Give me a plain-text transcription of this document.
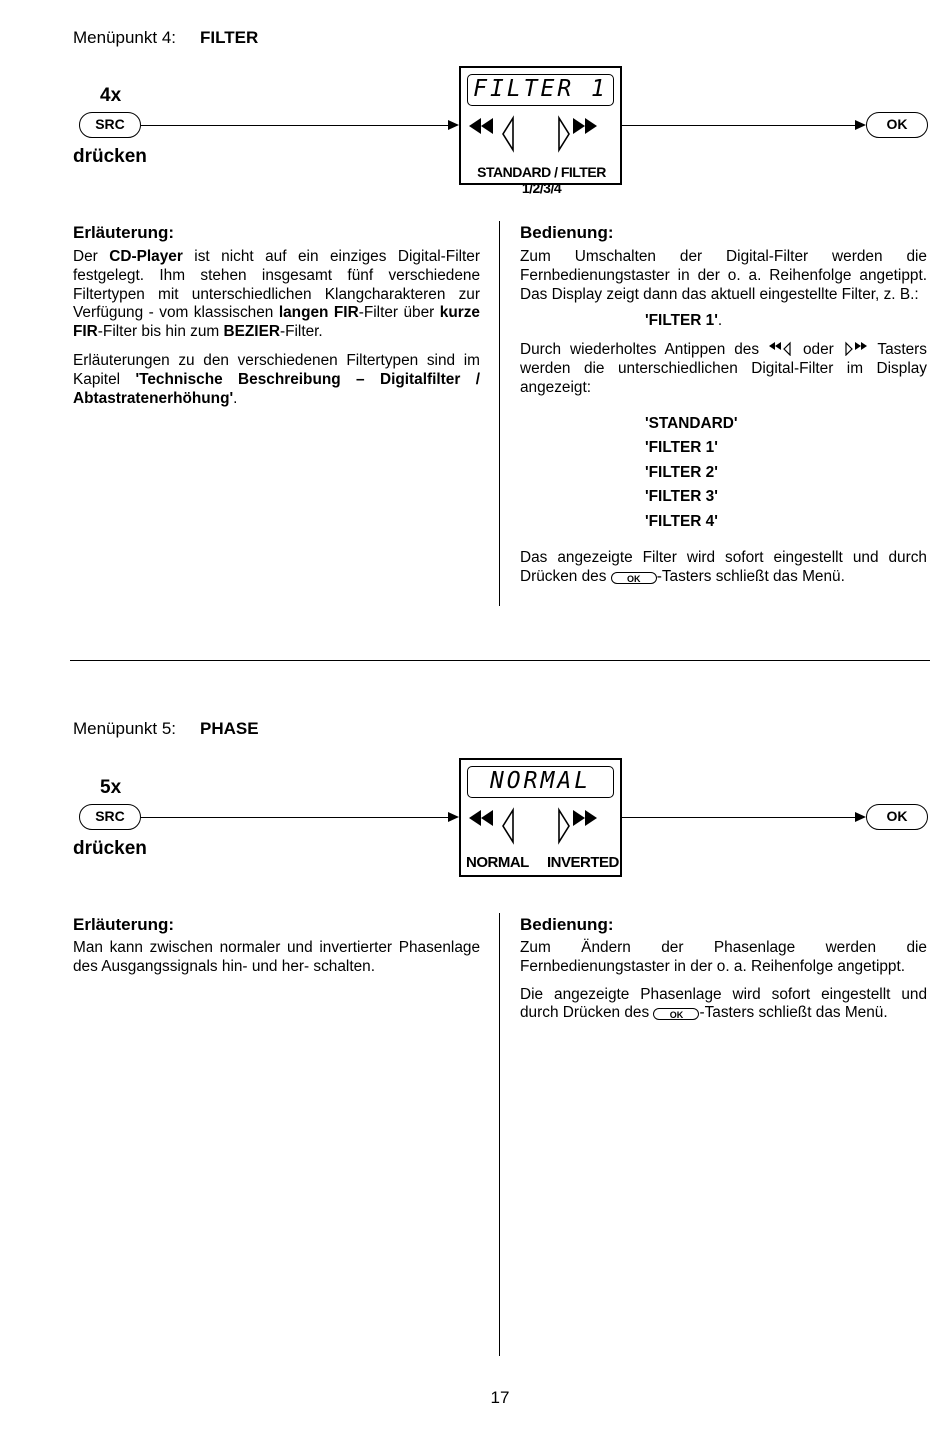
Menüpunkt 4: FILTER
4x
SRC
drücken
FILTER 1
STANDARD / FILTER 1/2/3/4
OK
Erläuterung:

Der CD-Player ist nicht auf ein einziges Digital-Filter festgelegt. Ihm stehen insgesamt fünf verschiedene Filtertypen mit unterschiedlichen Klangcharakteren zur Verfügung - vom klassischen langen FIR-Filter über kurze FIR-Filter bis hin zum BEZIER-Filter.

Erläuterungen zu den verschiedenen Filtertypen sind im Kapitel 'Technische Beschreibung – Digitalfilter / Abtastratenerhöhung'.

Bedienung:

Zum Umschalten der Digital-Filter werden die Fernbedienungstaster in der o. a. Reihenfolge angetippt. Das Display zeigt dann das aktuell eingestellte Filter, z. B.:

'FILTER 1'.

Durch wiederholtes Antippen des  oder  Tasters werden die unterschiedlichen Digital-Filter im Display angezeigt:

'STANDARD'
'FILTER 1'
'FILTER 2'
'FILTER 3'
'FILTER 4'

Das angezeigte Filter wird sofort eingestellt und durch Drücken des OK -Tasters schließt das Menü.

Menüpunkt 5: PHASE
5x
SRC
drücken
NORMAL
NORMAL INVERTED
OK
Erläuterung:

Man kann zwischen normaler und invertierter Phasenlage des Ausgangssignals hin- und her- schalten.

Bedienung:

Zum Ändern der Phasenlage werden die Fernbedienungstaster in der o. a. Reihenfolge angetippt.

Die angezeigte Phasenlage wird sofort eingestellt und durch Drücken des OK -Tasters schließt das Menü.

17
